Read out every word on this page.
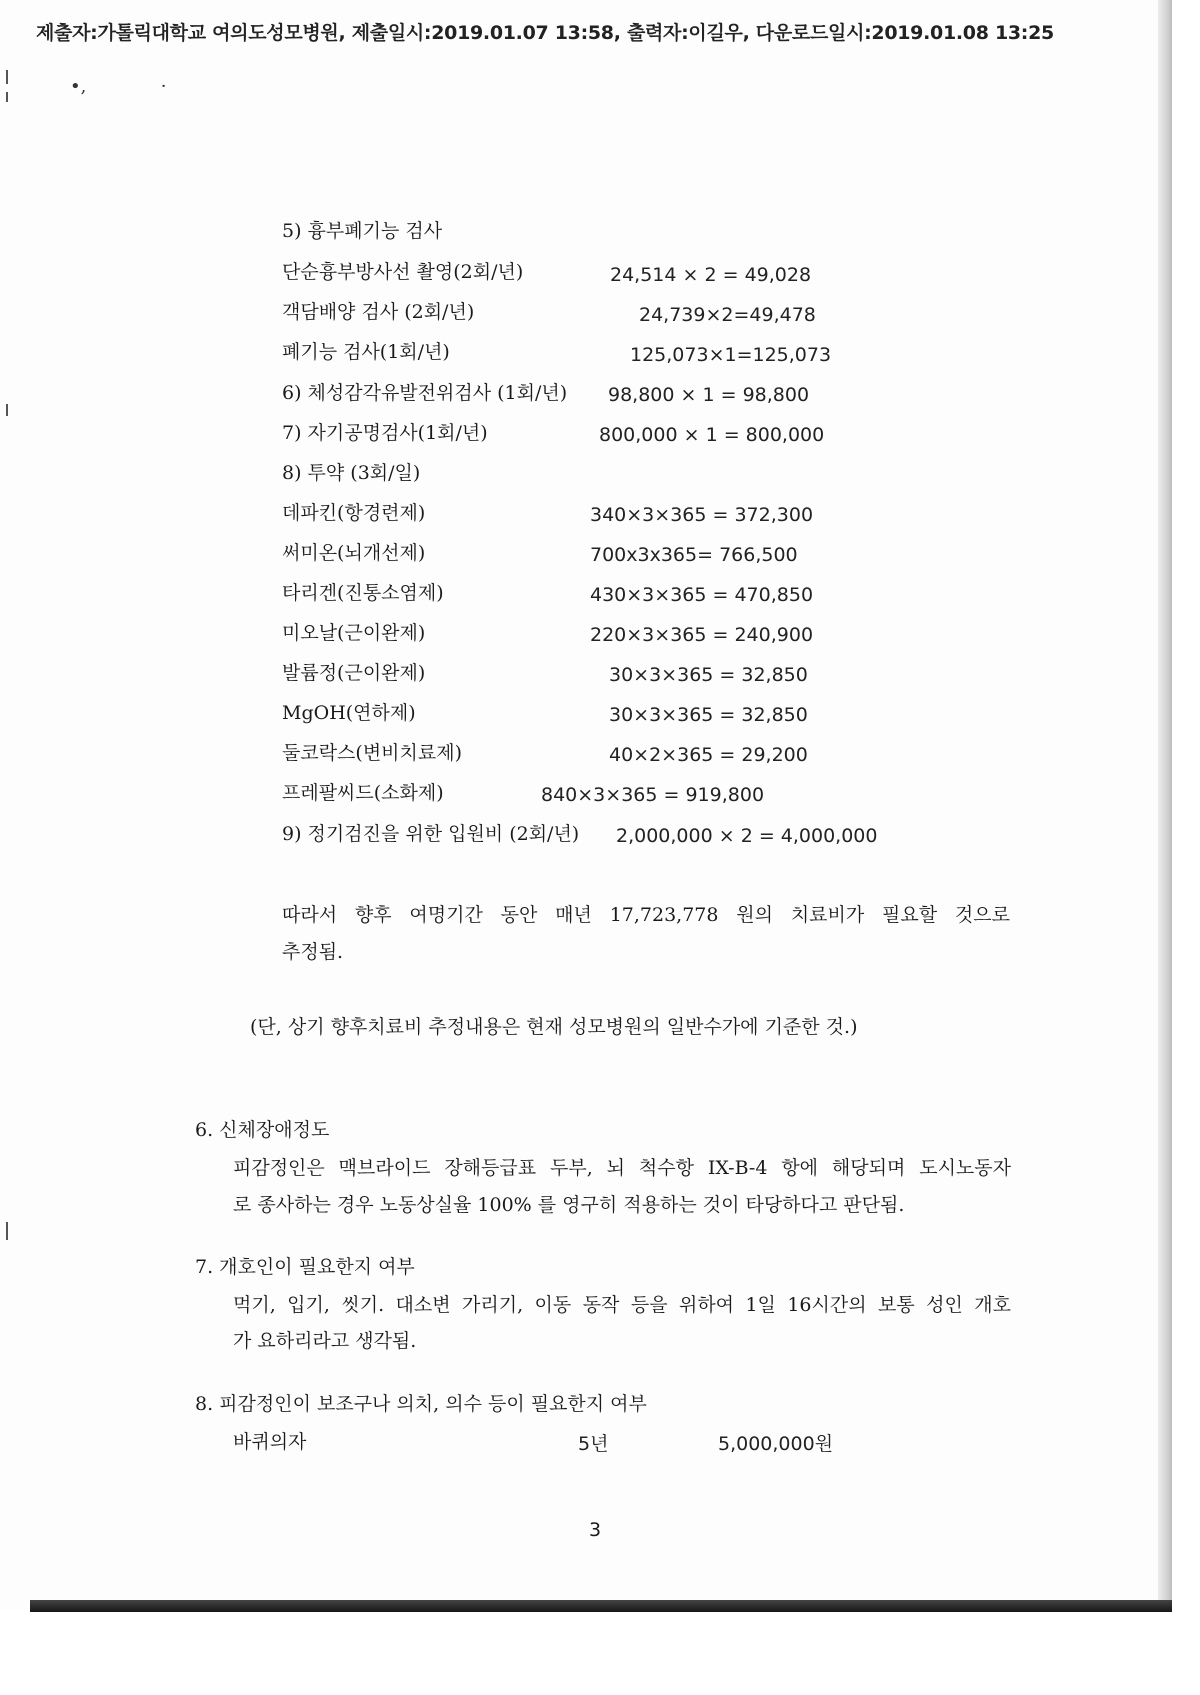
제출자:가톨릭대학교 여의도성모병원, 제출일시:2019.01.07 13:58, 출력자:이길우, 다운로드일시:2019.01.08 13:25
•,             ·
5) 흉부폐기능 검사
단순흉부방사선 촬영(2회/년)	24,514 × 2 = 49,028
객담배양 검사 (2회/년)	24,739×2=49,478
폐기능 검사(1회/년)	125,073×1=125,073
6) 체성감각유발전위검사 (1회/년) 98,800 × 1 = 98,800
7) 자기공명검사(1회/년)	800,000 × 1 = 800,000
8) 투약 (3회/일)
데파킨(항경련제)	340×3×365 = 372,300
써미온(뇌개선제)	700x3x365= 766,500
타리겐(진통소염제)	430×3×365 = 470,850
미오날(근이완제)	220×3×365 = 240,900
발륨정(근이완제)	30×3×365 = 32,850
MgOH(연하제)	30×3×365 = 32,850
둘코락스(변비치료제)	40×2×365 = 29,200
프레팔씨드(소화제)	840×3×365 = 919,800
9) 정기검진을 위한 입원비 (2회/년) 2,000,000 × 2 = 4,000,000
따라서 향후 여명기간 동안 매년 17,723,778 원의 치료비가 필요할 것으로
추정됨.
(단, 상기 향후치료비 추정내용은 현재 성모병원의 일반수가에 기준한 것.)
6. 신체장애정도
피감정인은 맥브라이드 장해등급표 두부, 뇌 척수항 IX-B-4 항에 해당되며 도시노동자
로 종사하는 경우 노동상실율 100% 를 영구히 적용하는 것이 타당하다고 판단됨.
7. 개호인이 필요한지 여부
먹기, 입기, 씻기. 대소변 가리기, 이동 동작 등을 위하여 1일 16시간의 보통 성인 개호
가 요하리라고 생각됨.
8. 피감정인이 보조구나 의치, 의수 등이 필요한지 여부
바퀴의자	5년	5,000,000원
3
